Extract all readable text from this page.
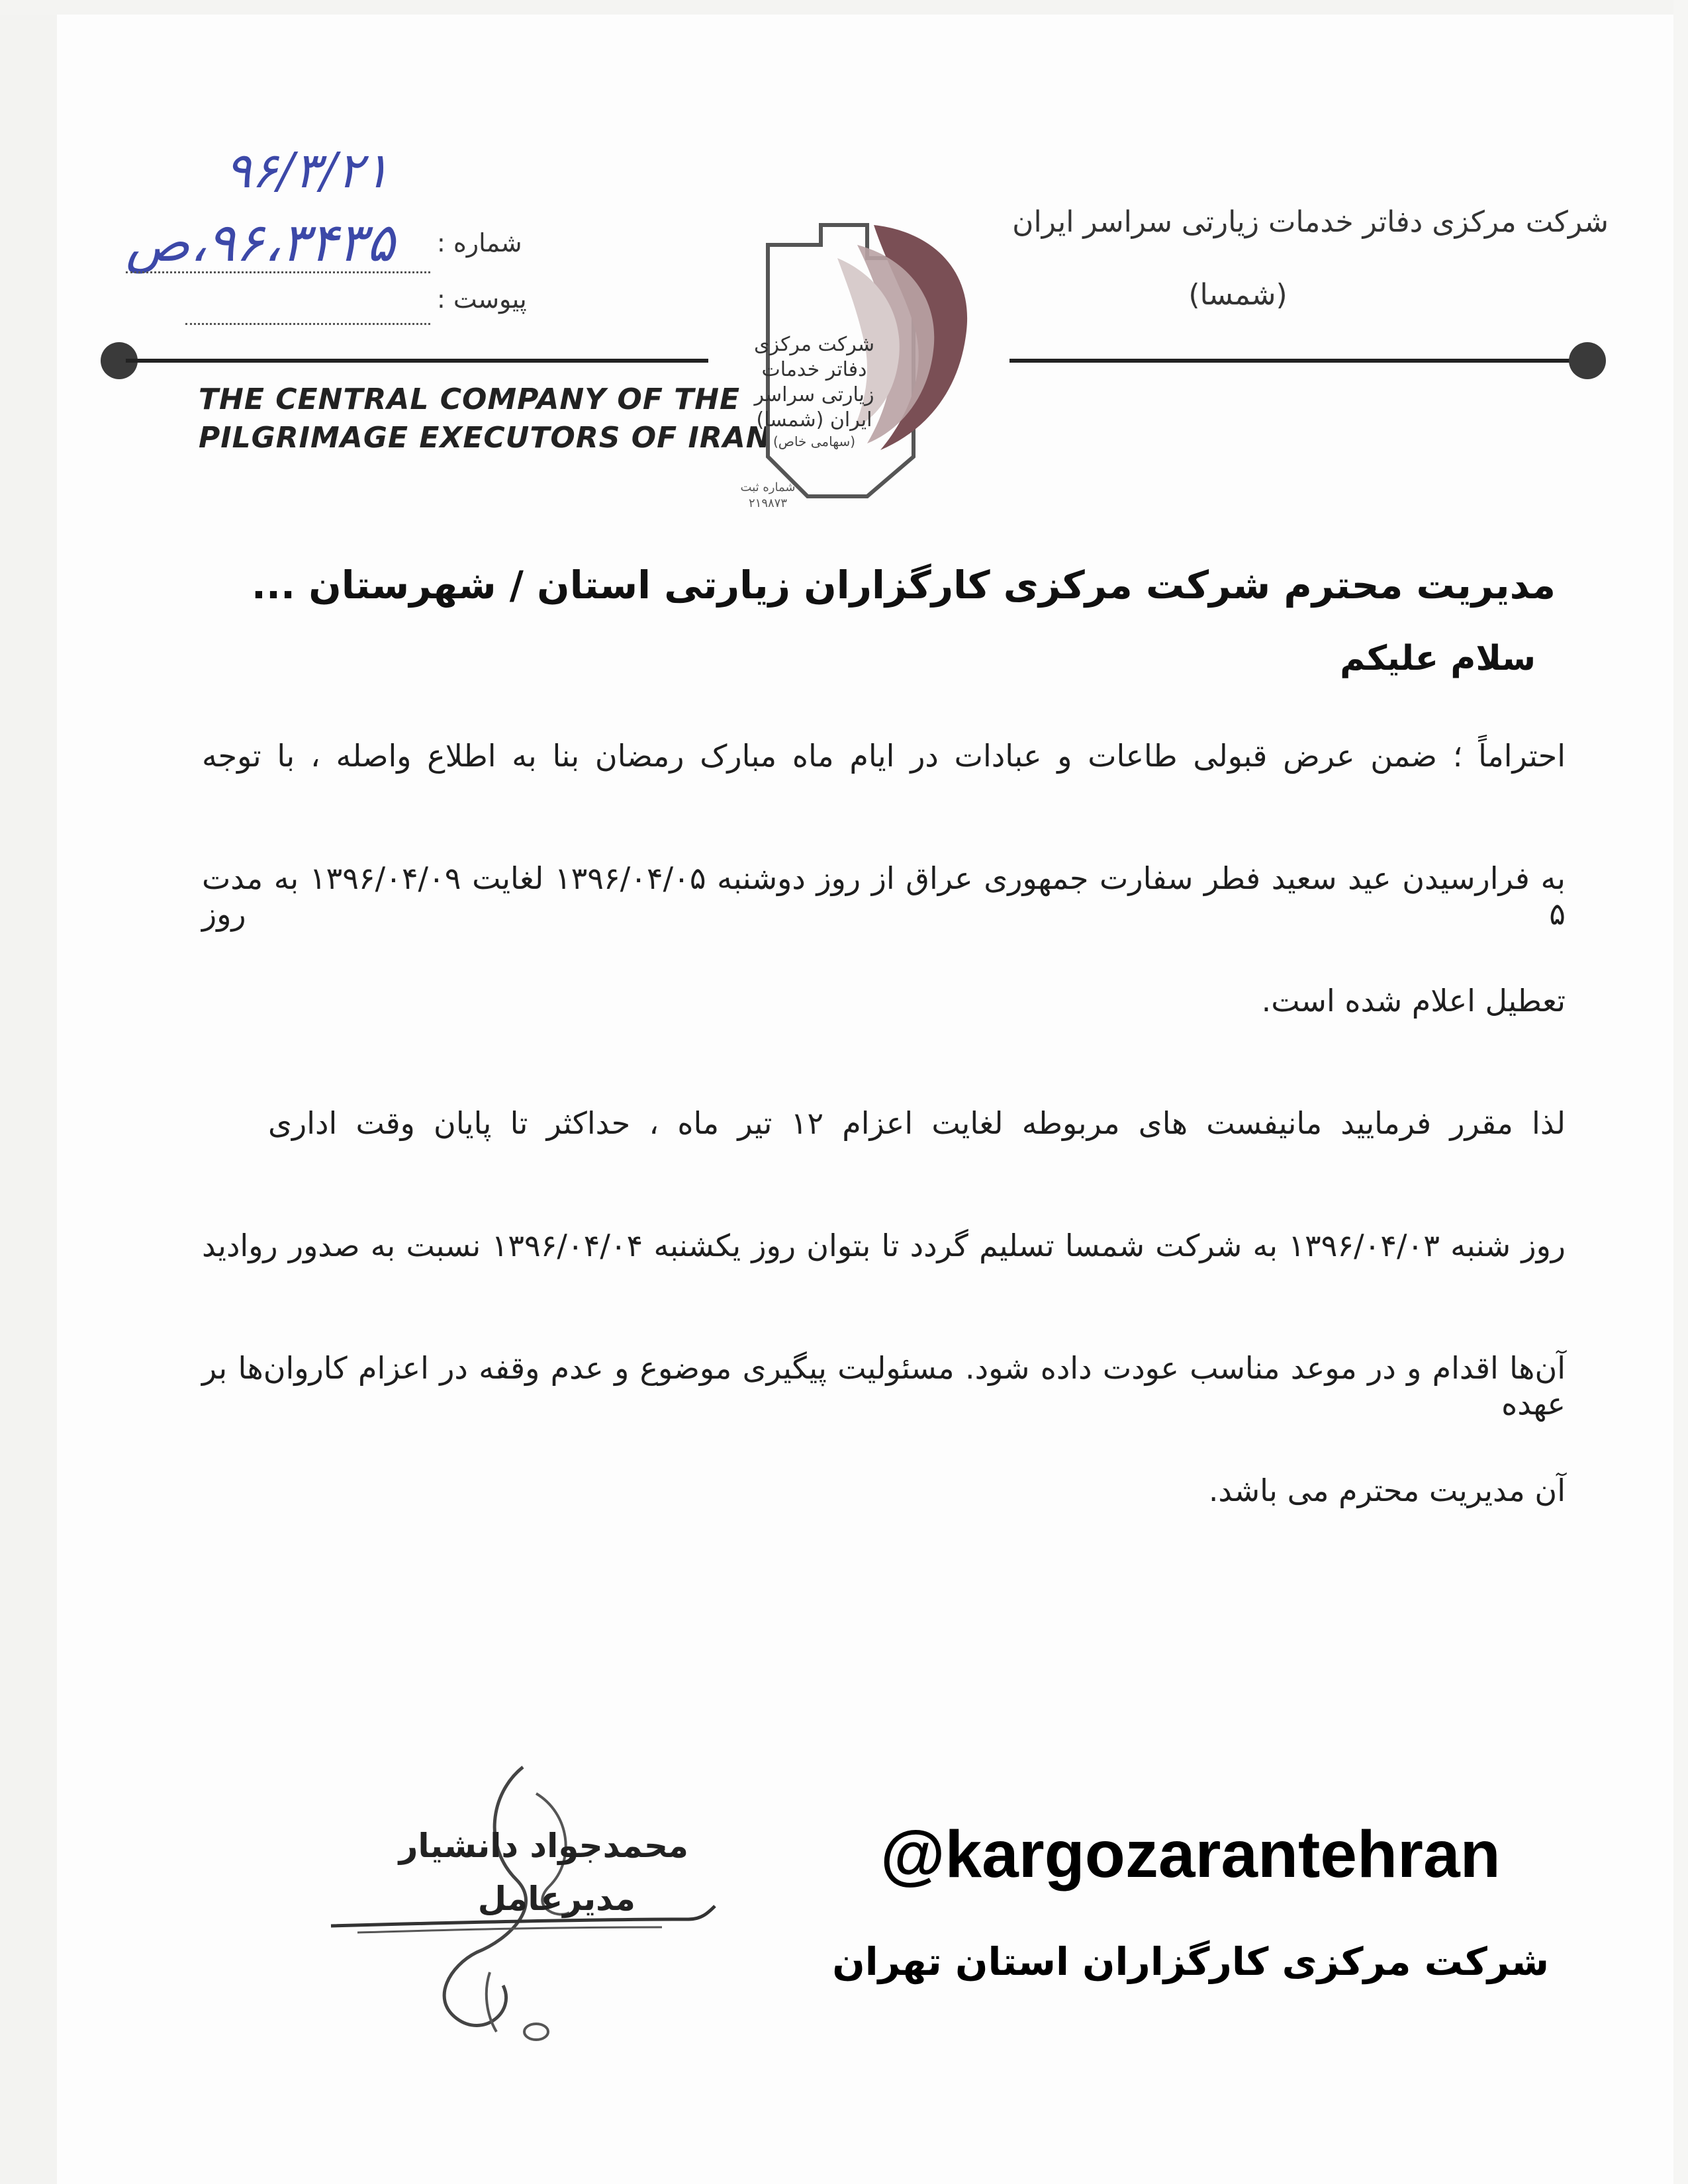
شرکت مرکزی دفاتر خدمات زیارتی سراسر ایران
(شمسا)
۹۶/۳/۲۱
۹۶،۳۴۳۵،ص شماره :
پیوست :
THE CENTRAL COMPANY OF THE
PILGRIMAGE EXECUTORS OF IRAN
شرکت مرکزی
دفاتر خدمات
زیارتی سراسر
ایران (شمسا)
(سهامی خاص)
شماره ثبت
۲۱۹۸۷۳
مدیریت محترم شرکت مرکزی کارگزاران زیارتی استان / شهرستان ...
سلام علیکم
احتراماً ؛ ضمن عرض قبولی طاعات و عبادات در ایام ماه مبارک رمضان بنا به اطلاع واصله ، با توجه
به فرارسیدن عید سعید فطر سفارت جمهوری عراق از روز دوشنبه ۱۳۹۶/۰۴/۰۵ لغایت ۱۳۹۶/۰۴/۰۹ به مدت ۵ روز
تعطیل اعلام شده است.
لذا مقرر فرمایید مانیفست های مربوطه لغایت اعزام ۱۲ تیر ماه ، حداکثر تا پایان وقت اداری
روز شنبه ۱۳۹۶/۰۴/۰۳ به شرکت شمسا تسلیم گردد تا بتوان روز یکشنبه ۱۳۹۶/۰۴/۰۴ نسبت به صدور روادید
آن‌ها اقدام و در موعد مناسب عودت داده شود. مسئولیت پیگیری موضوع و عدم وقفه در اعزام کاروان‌ها بر عهده
آن مدیریت محترم می باشد.
محمدجواد دانشیار
مدیرعامل
@kargozarantehran
شرکت مرکزی کارگزاران استان تهران
